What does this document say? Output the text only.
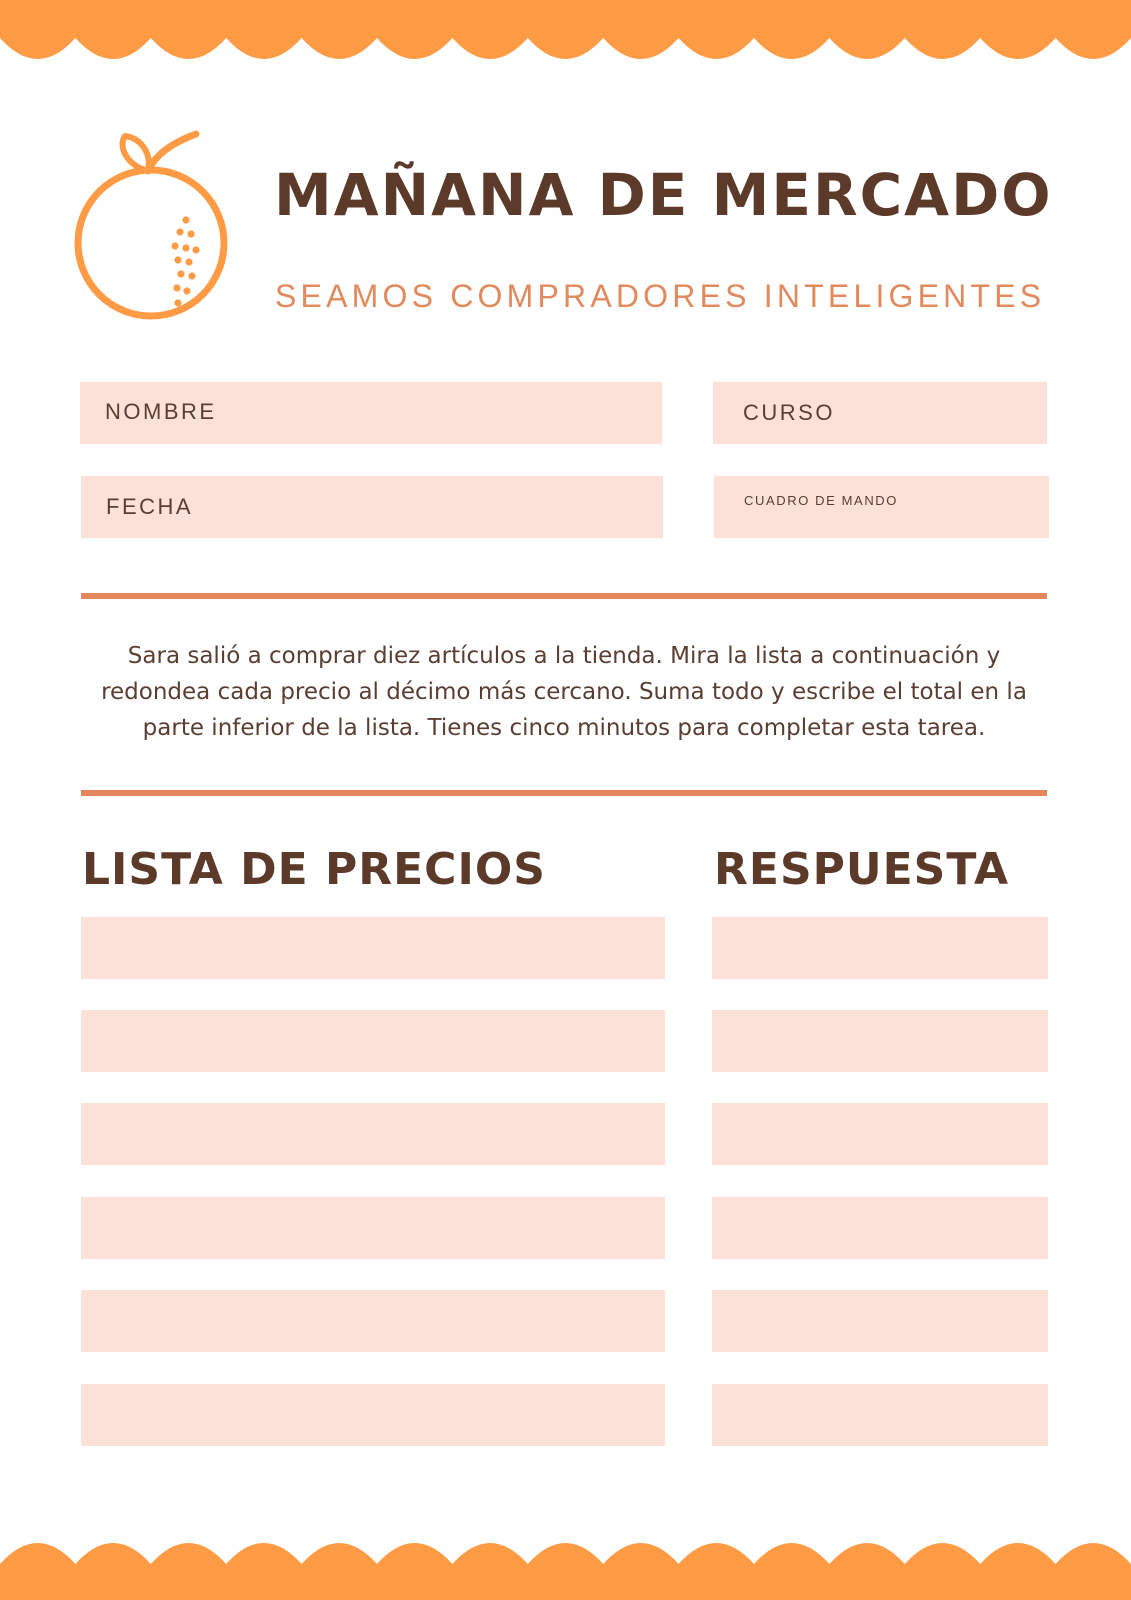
MAÑANA DE MERCADO

SEAMOS COMPRADORES INTELIGENTES

NOMBRE	CURSO
FECHA	CUADRO DE MANDO

Sara salió a comprar diez artículos a la tienda. Mira la lista a continuación y redondea cada precio al décimo más cercano. Suma todo y escribe el total en la parte inferior de la lista. Tienes cinco minutos para completar esta tarea.

LISTA DE PRECIOS	RESPUESTA
